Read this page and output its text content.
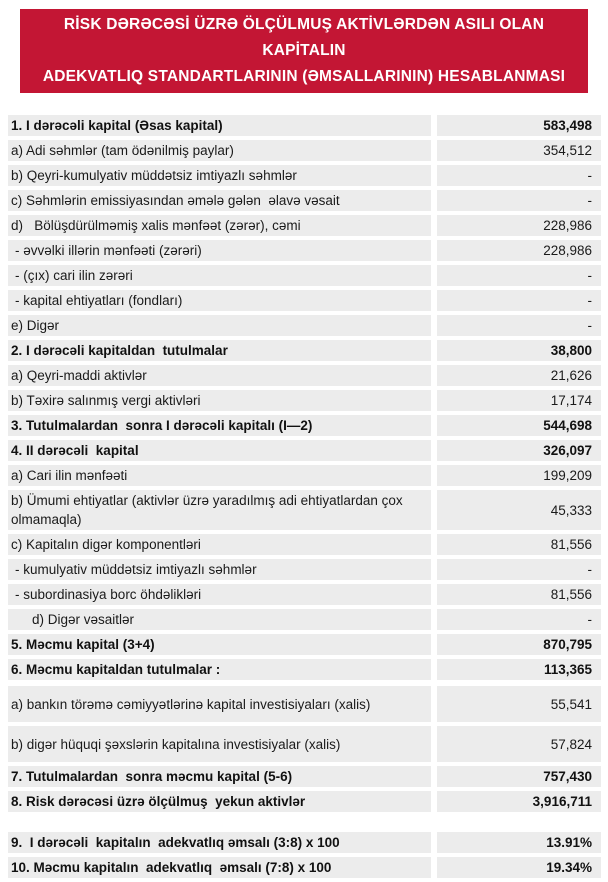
RİSK DƏRƏCƏSİ ÜZRƏ ÖLÇÜLMUŞ AKTİVLƏRDƏN ASILI OLAN KAPİTALIN
ADEKVATLIQ STANDARTLARININ (ƏMSALLARININ) HESABLANMASI
1. I dərəcəli kapital (Əsas kapital)	583,498
a) Adi səhmlər (tam ödənilmiş paylar)	354,512
b) Qeyri-kumulyativ müddətsiz imtiyazlı səhmlər	-
c) Səhmlərin emissiyasından əmələ gələn  əlavə vəsait	-
d)   Bölüşdürülməmiş xalis mənfəət (zərər), cəmi	228,986
- əvvəlki illərin mənfəəti (zərəri)	228,986
- (çıx) cari ilin zərəri	-
- kapital ehtiyatları (fondları)	-
e) Digər	-
2. I dərəcəli kapitaldan  tutulmalar	38,800
a) Qeyri-maddi aktivlər	21,626
b) Təxirə salınmış vergi aktivləri	17,174
3. Tutulmalardan  sonra I dərəcəli kapitalı (I—2)	544,698
4. II dərəcəli  kapital	326,097
a) Cari ilin mənfəəti	199,209
b) Ümumi ehtiyatlar (aktivlər üzrə yaradılmış adi ehtiyatlardan çox olmamaqla)
45,333
c) Kapitalın digər komponentləri	81,556
- kumulyativ müddətsiz imtiyazlı səhmlər	-
- subordinasiya borc öhdəlikləri	81,556
d) Digər vəsaitlər	-
5. Məcmu kapital (3+4)	870,795
6. Məcmu kapitaldan tutulmalar :	113,365
a) bankın törəmə cəmiyyətlərinə kapital investisiyaları (xalis)	55,541
b) digər hüquqi şəxslərin kapitalına investisiyalar (xalis)	57,824
7. Tutulmalardan  sonra məcmu kapital (5-6)	757,430
8. Risk dərəcəsi üzrə ölçülmuş  yekun aktivlər	3,916,711
9.  I dərəcəli  kapitalın  adekvatlıq əmsalı (3:8) x 100	13.91%
10. Məcmu kapitalın  adekvatlıq  əmsalı (7:8) x 100	19.34%
